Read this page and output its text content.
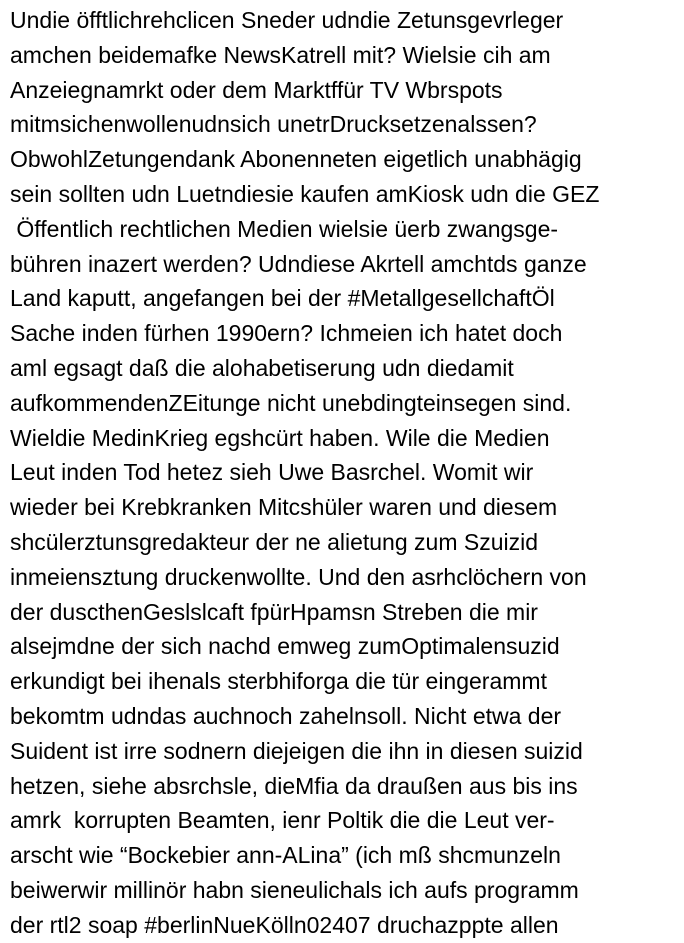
Undie öfftlichrehclicen Sneder udndie Zetunsgevrleger
amchen beidemafke NewsKatrell mit? Wielsie cih am
Anzeiegnamrkt oder dem Marktffür TV Wbrspots
mitmsichenwollenudnsich unetrDrucksetzenalssen?
ObwohlZetungendank Abonenneten eigetlich unabhägig
sein sollten udn Luetndiesie kaufen amKiosk udn die GEZ
Öffentlich rechtlichen Medien wielsie üerb zwangsge-
bühren inazert werden? Udndiese Akrtell amchtds ganze
Land kaputt, angefangen bei der #MetallgesellchaftÖl
Sache inden fürhen 1990ern? Ichmeien ich hatet doch
aml egsagt daß die alohabetiserung udn diedamit
aufkommendenZEitunge nicht unebdingteinsegen sind.
Wieldie MedinKrieg egshcürt haben. Wile die Medien
Leut inden Tod hetez sieh Uwe Basrchel. Womit wir
wieder bei Krebkranken Mitcshüler waren und diesem
shcülerztunsgredakteur der ne alietung zum Szuizid
inmeiensztung druckenwollte. Und den asrhclöchern von
der duscthenGeslslcaft fpürHpamsn Streben die mir
alsejmdne der sich nachd emweg zumOptimalensuzid
erkundigt bei ihenals sterbhiforga die tür eingerammt
bekomtm udndas auchnoch zahelnsoll. Nicht etwa der
Suident ist irre sodnern diejeigen die ihn in diesen suizid
hetzen, siehe absrchsle, dieMfia da draußen aus bis ins
amrk  korrupten Beamten, ienr Poltik die die Leut ver-
arscht wie “Bockebier ann-ALina” (ich mß shcmunzeln
beiwerwir millinör habn sieneulichals ich aufs programm
der rtl2 soap #berlinNueKölln02407 druchazppte allen
